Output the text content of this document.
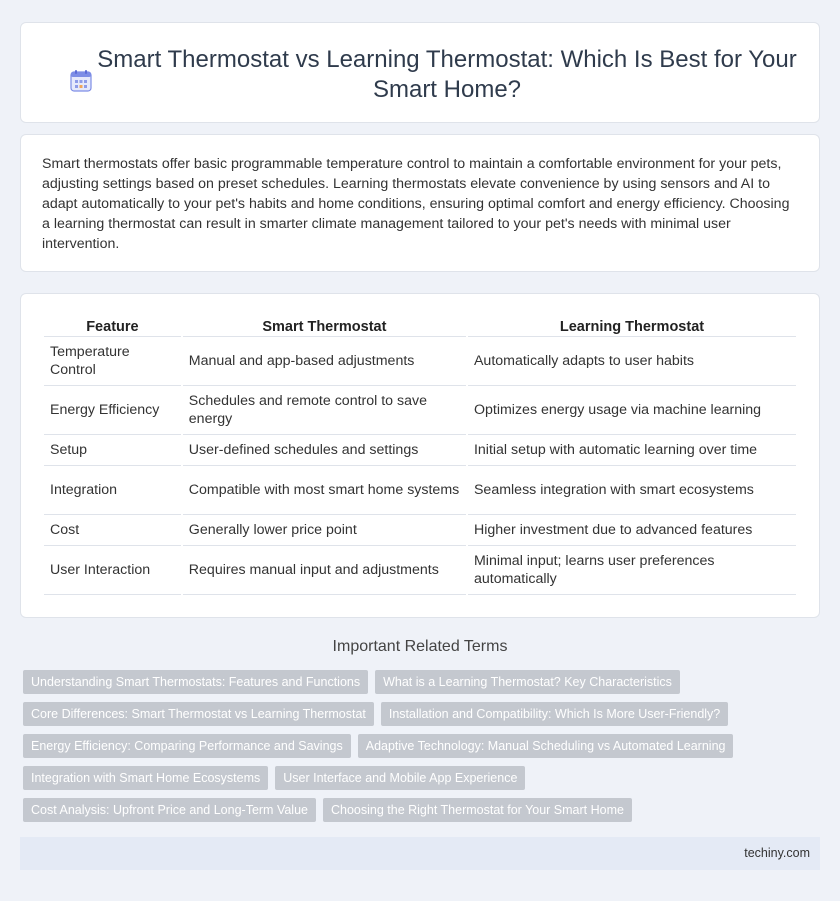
Smart Thermostat vs Learning Thermostat: Which Is Best for Your Smart Home?

Smart thermostats offer basic programmable temperature control to maintain a comfortable environment for your pets, adjusting settings based on preset schedules. Learning thermostats elevate convenience by using sensors and AI to adapt automatically to your pet's habits and home conditions, ensuring optimal comfort and energy efficiency. Choosing a learning thermostat can result in smarter climate management tailored to your pet's needs with minimal user intervention.

Feature	Smart Thermostat	Learning Thermostat
Temperature Control	Manual and app-based adjustments	Automatically adapts to user habits
Energy Efficiency	Schedules and remote control to save energy	Optimizes energy usage via machine learning
Setup	User-defined schedules and settings	Initial setup with automatic learning over time
Integration	Compatible with most smart home systems	Seamless integration with smart ecosystems
Cost	Generally lower price point	Higher investment due to advanced features
User Interaction	Requires manual input and adjustments	Minimal input; learns user preferences automatically
Important Related Terms
Understanding Smart Thermostats: Features and Functions	What is a Learning Thermostat? Key Characteristics
Core Differences: Smart Thermostat vs Learning Thermostat	Installation and Compatibility: Which Is More User-Friendly?
Energy Efficiency: Comparing Performance and Savings	Adaptive Technology: Manual Scheduling vs Automated Learning
Integration with Smart Home Ecosystems	User Interface and Mobile App Experience
Cost Analysis: Upfront Price and Long-Term Value	Choosing the Right Thermostat for Your Smart Home
techiny.com
